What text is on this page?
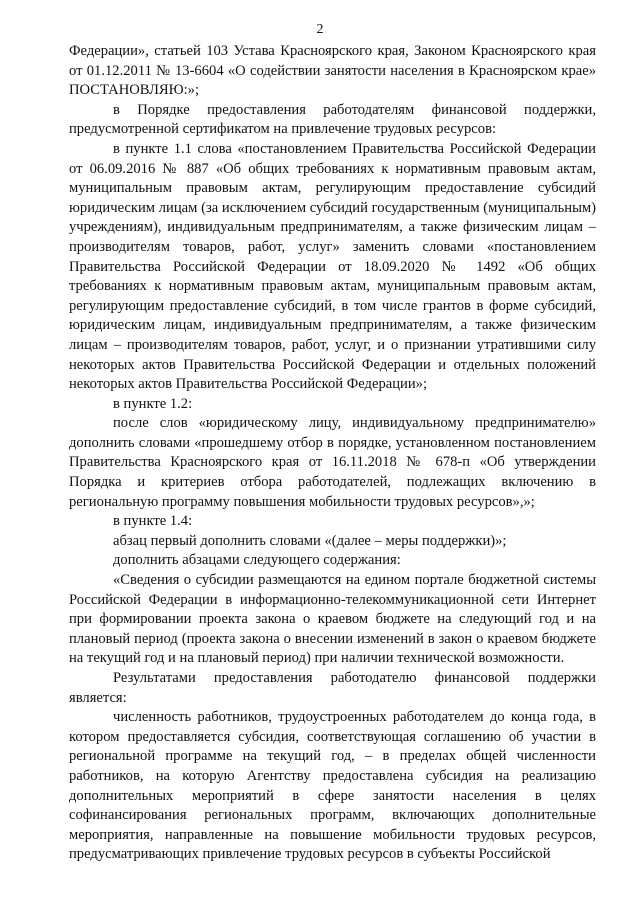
2

Федерации», статьей 103 Устава Красноярского края, Законом Красноярского края от 01.12.2011 № 13-6604 «О содействии занятости населения в Красноярском крае» ПОСТАНОВЛЯЮ:»;

в Порядке предоставления работодателям финансовой поддержки, предусмотренной сертификатом на привлечение трудовых ресурсов:

в пункте 1.1 слова «постановлением Правительства Российской Федерации от 06.09.2016 № 887 «Об общих требованиях к нормативным правовым актам, муниципальным правовым актам, регулирующим предоставление субсидий юридическим лицам (за исключением субсидий государственным (муниципальным) учреждениям), индивидуальным предпринимателям, а также физическим лицам – производителям товаров, работ, услуг» заменить словами «постановлением Правительства Российской Федерации от 18.09.2020 № 1492 «Об общих требованиях к нормативным правовым актам, муниципальным правовым актам, регулирующим предоставление субсидий, в том числе грантов в форме субсидий, юридическим лицам, индивидуальным предпринимателям, а также физическим лицам – производителям товаров, работ, услуг, и о признании утратившими силу некоторых актов Правительства Российской Федерации и отдельных положений некоторых актов Правительства Российской Федерации»;

в пункте 1.2:

после слов «юридическому лицу, индивидуальному предпринимателю» дополнить словами «прошедшему отбор в порядке, установленном постановлением Правительства Красноярского края от 16.11.2018 № 678-п «Об утверждении Порядка и критериев отбора работодателей, подлежащих включению в региональную программу повышения мобильности трудовых ресурсов»,»;

в пункте 1.4:

абзац первый дополнить словами «(далее – меры поддержки)»;

дополнить абзацами следующего содержания:

«Сведения о субсидии размещаются на едином портале бюджетной системы Российской Федерации в информационно-телекоммуникационной сети Интернет при формировании проекта закона о краевом бюджете на следующий год и на плановый период (проекта закона о внесении изменений в закон о краевом бюджете на текущий год и на плановый период) при наличии технической возможности.

Результатами предоставления работодателю финансовой поддержки является:

численность работников, трудоустроенных работодателем до конца года, в котором предоставляется субсидия, соответствующая соглашению об участии в региональной программе на текущий год, – в пределах общей численности работников, на которую Агентству предоставлена субсидия на реализацию дополнительных мероприятий в сфере занятости населения в целях софинансирования региональных программ, включающих дополнительные мероприятия, направленные на повышение мобильности трудовых ресурсов, предусматривающих привлечение трудовых ресурсов в субъекты Российской
